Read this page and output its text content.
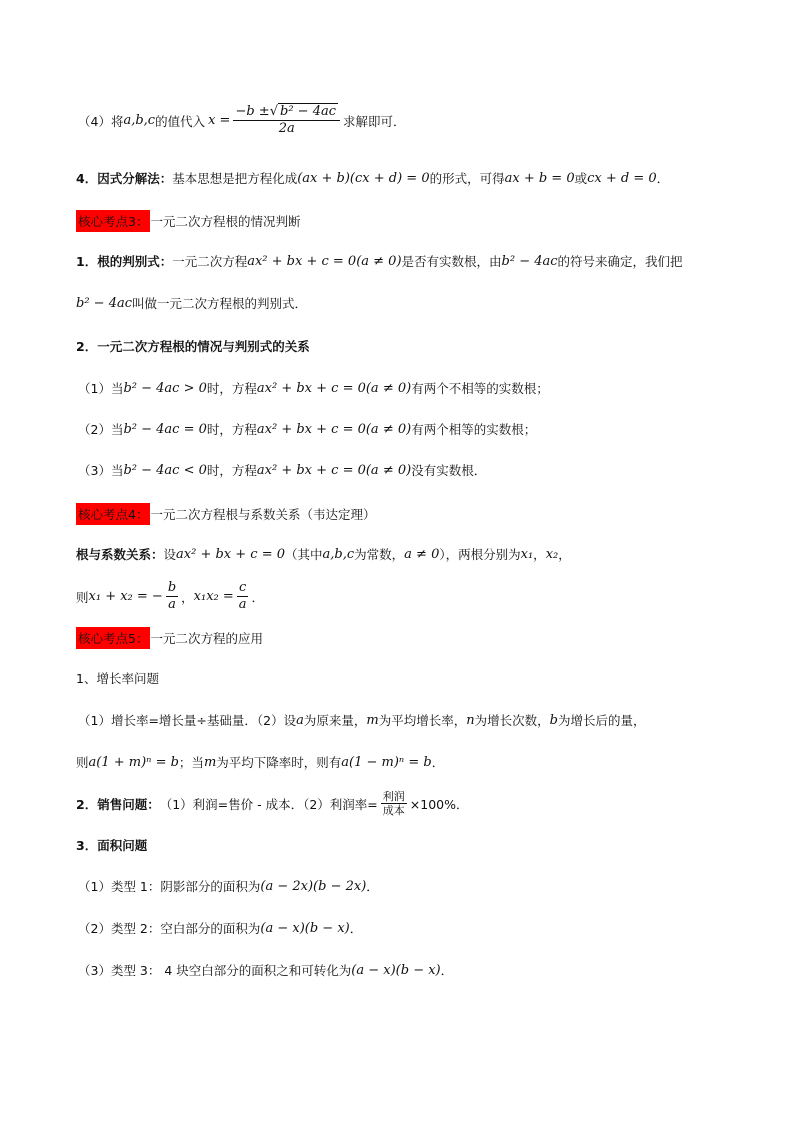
（4）将 a,b,c 的值代入 $x = \frac{\text{−b ±√ b² − 4ac}}{2a}$ 求解即可．
4．因式分解法： 基本思想是把方程化成 (ax + b)(cx + d) = 0 的形式，可得 ax + b = 0 或 cx + d = 0 ．
核心考点3： 一元二次方程根的情况判断
1．根的判别式： 一元二次方程 ax² + bx + c = 0(a ≠ 0) 是否有实数根，由 b² − 4ac 的符号来确定，我们把
b² − 4ac 叫做一元二次方程根的判别式．
2．一元二次方程根的情况与判别式的关系
（1）当 b² − 4ac > 0 时，方程 ax² + bx + c = 0(a ≠ 0) 有两个不相等的实数根；
（2）当 b² − 4ac = 0 时，方程 ax² + bx + c = 0(a ≠ 0) 有两个相等的实数根；
（3）当 b² − 4ac < 0 时，方程 ax² + bx + c = 0(a ≠ 0) 没有实数根．
核心考点4： 一元二次方程根与系数关系（韦达定理）
根与系数关系： 设 ax² + bx + c = 0 （其中 a,b,c 为常数， a ≠ 0 ），两根分别为 x₁ ， x₂ ，
则 x₁ + x₂ = − $\frac{b}{a}$ ， $x_1x_2 = \frac{c}{a}$ ．
核心考点5： 一元二次方程的应用
1、增长率问题
（1）增长率=增长量÷基础量．（2）设 a 为原来量， m 为平均增长率， n 为增长次数， b 为增长后的量，
则 a(1 + m)ⁿ = b ；当 m 为平均下降率时，则有 a(1 − m)ⁿ = b ．
2．销售问题： （1）利润=售价 - 成本．（2）利润率= $\frac{\text{利润}}{\text{成本}} \times 100\%$．
3．面积问题
（1）类型 1：阴影部分的面积为 (a − 2x)(b − 2x) ．
（2）类型 2：空白部分的面积为 (a − x)(b − x) ．
（3）类型 3： 4 块空白部分的面积之和可转化为 (a − x)(b − x) ．
